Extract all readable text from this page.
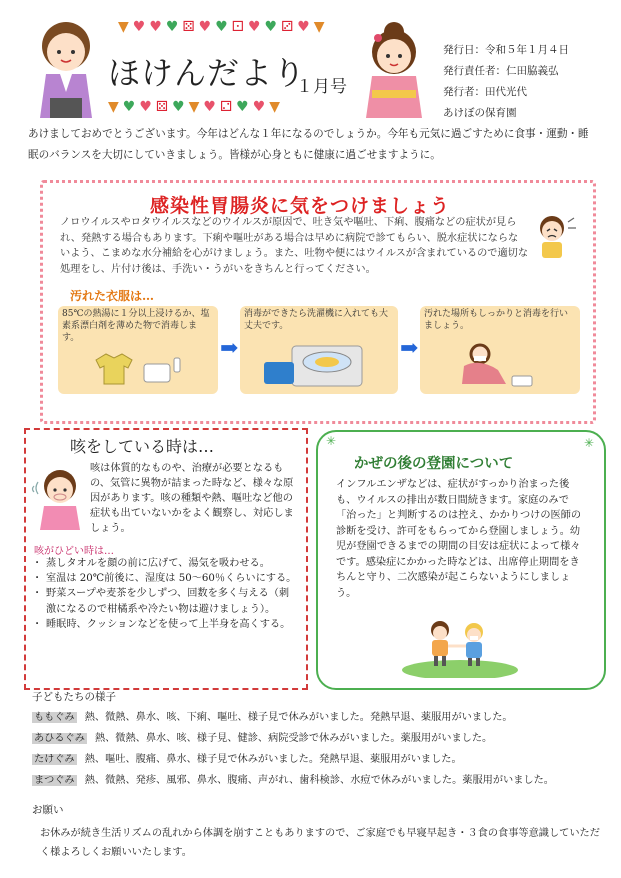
▼ ♥ ♥ ♥ ⚄ ♥ ♥ ⚀ ♥ ♥ ⚂ ♥ ▼
ほけんだより
１月号
▼ ♥ ♥ ⚄ ♥ ▼ ♥ ⚁ ♥ ♥ ▼
発行日：令和５年１月４日
発行責任者：仁田脇義弘
発行者：田代光代
あけぼの保育園
あけましておめでとうございます。今年はどんな１年になるのでしょうか。今年も元気に過ごすために食事・運動・睡眠のバランスを大切にしていきましょう。皆様が心身ともに健康に過ごせますように。
感染性胃腸炎に気をつけましょう
ノロウイルスやロタウイルスなどのウイルスが原因で、吐き気や嘔吐、下痢、腹痛などの症状が見られ、発熱する場合もあります。下痢や嘔吐がある場合は早めに病院で診てもらい、脱水症状にならないよう、こまめな水分補給を心がけましょう。また、吐物や便にはウイルスが含まれているので適切な処理をし、片付け後は、手洗い・うがいをきちんと行ってください。
汚れた衣服は…
85℃の熱湯に１分以上浸けるか、塩素系漂白剤を薄めた物で消毒します。	➡
消毒ができたら洗濯機に入れても大丈夫です。
➡
汚れた場所もしっかりと消毒を行いましょう。
咳をしている時は…
咳は体質的なものや、治療が必要となるもの、気管に異物が詰まった時など、様々な原因があります。咳の種類や熱、嘔吐など他の症状も出ていないかをよく観察し、対応しましょう。
咳がひどい時は…
・ 蒸しタオルを顔の前に広げて、湯気を吸わせる。
・ 室温は 20℃前後に、湿度は 50～60％くらいにする。
・ 野菜スープや麦茶を少しずつ、回数を多く与える（刺激になるので柑橘系や冷たい物は避けましょう）。
・ 睡眠時、クッションなどを使って上半身を高くする。
✳	✳
かぜの後の登園について
インフルエンザなどは、症状がすっかり治まった後も、ウイルスの排出が数日間続きます。家庭のみで「治った」と判断するのは控え、かかりつけの医師の診断を受け、許可をもらってから登園しましょう。幼児が登園できるまでの期間の目安は症状によって様々です。感染症にかかった時などは、出席停止期間をきちんと守り、二次感染が起こらないようにしましょう。
子どもたちの様子
ももぐみ 熱、微熱、鼻水、咳、下痢、嘔吐、様子見で休みがいました。発熱早退、薬服用がいました。
あひるぐみ 熱、微熱、鼻水、咳、様子見、健診、病院受診で休みがいました。薬服用がいました。
たけぐみ 熱、嘔吐、腹痛、鼻水、様子見で休みがいました。発熱早退、薬服用がいました。
まつぐみ 熱、微熱、発疹、風邪、鼻水、腹痛、声がれ、歯科検診、水痘で休みがいました。薬服用がいました。
お願い
お休みが続き生活リズムの乱れから体調を崩すこともありますので、ご家庭でも早寝早起き・３食の食事等意識していただく様よろしくお願いいたします。
